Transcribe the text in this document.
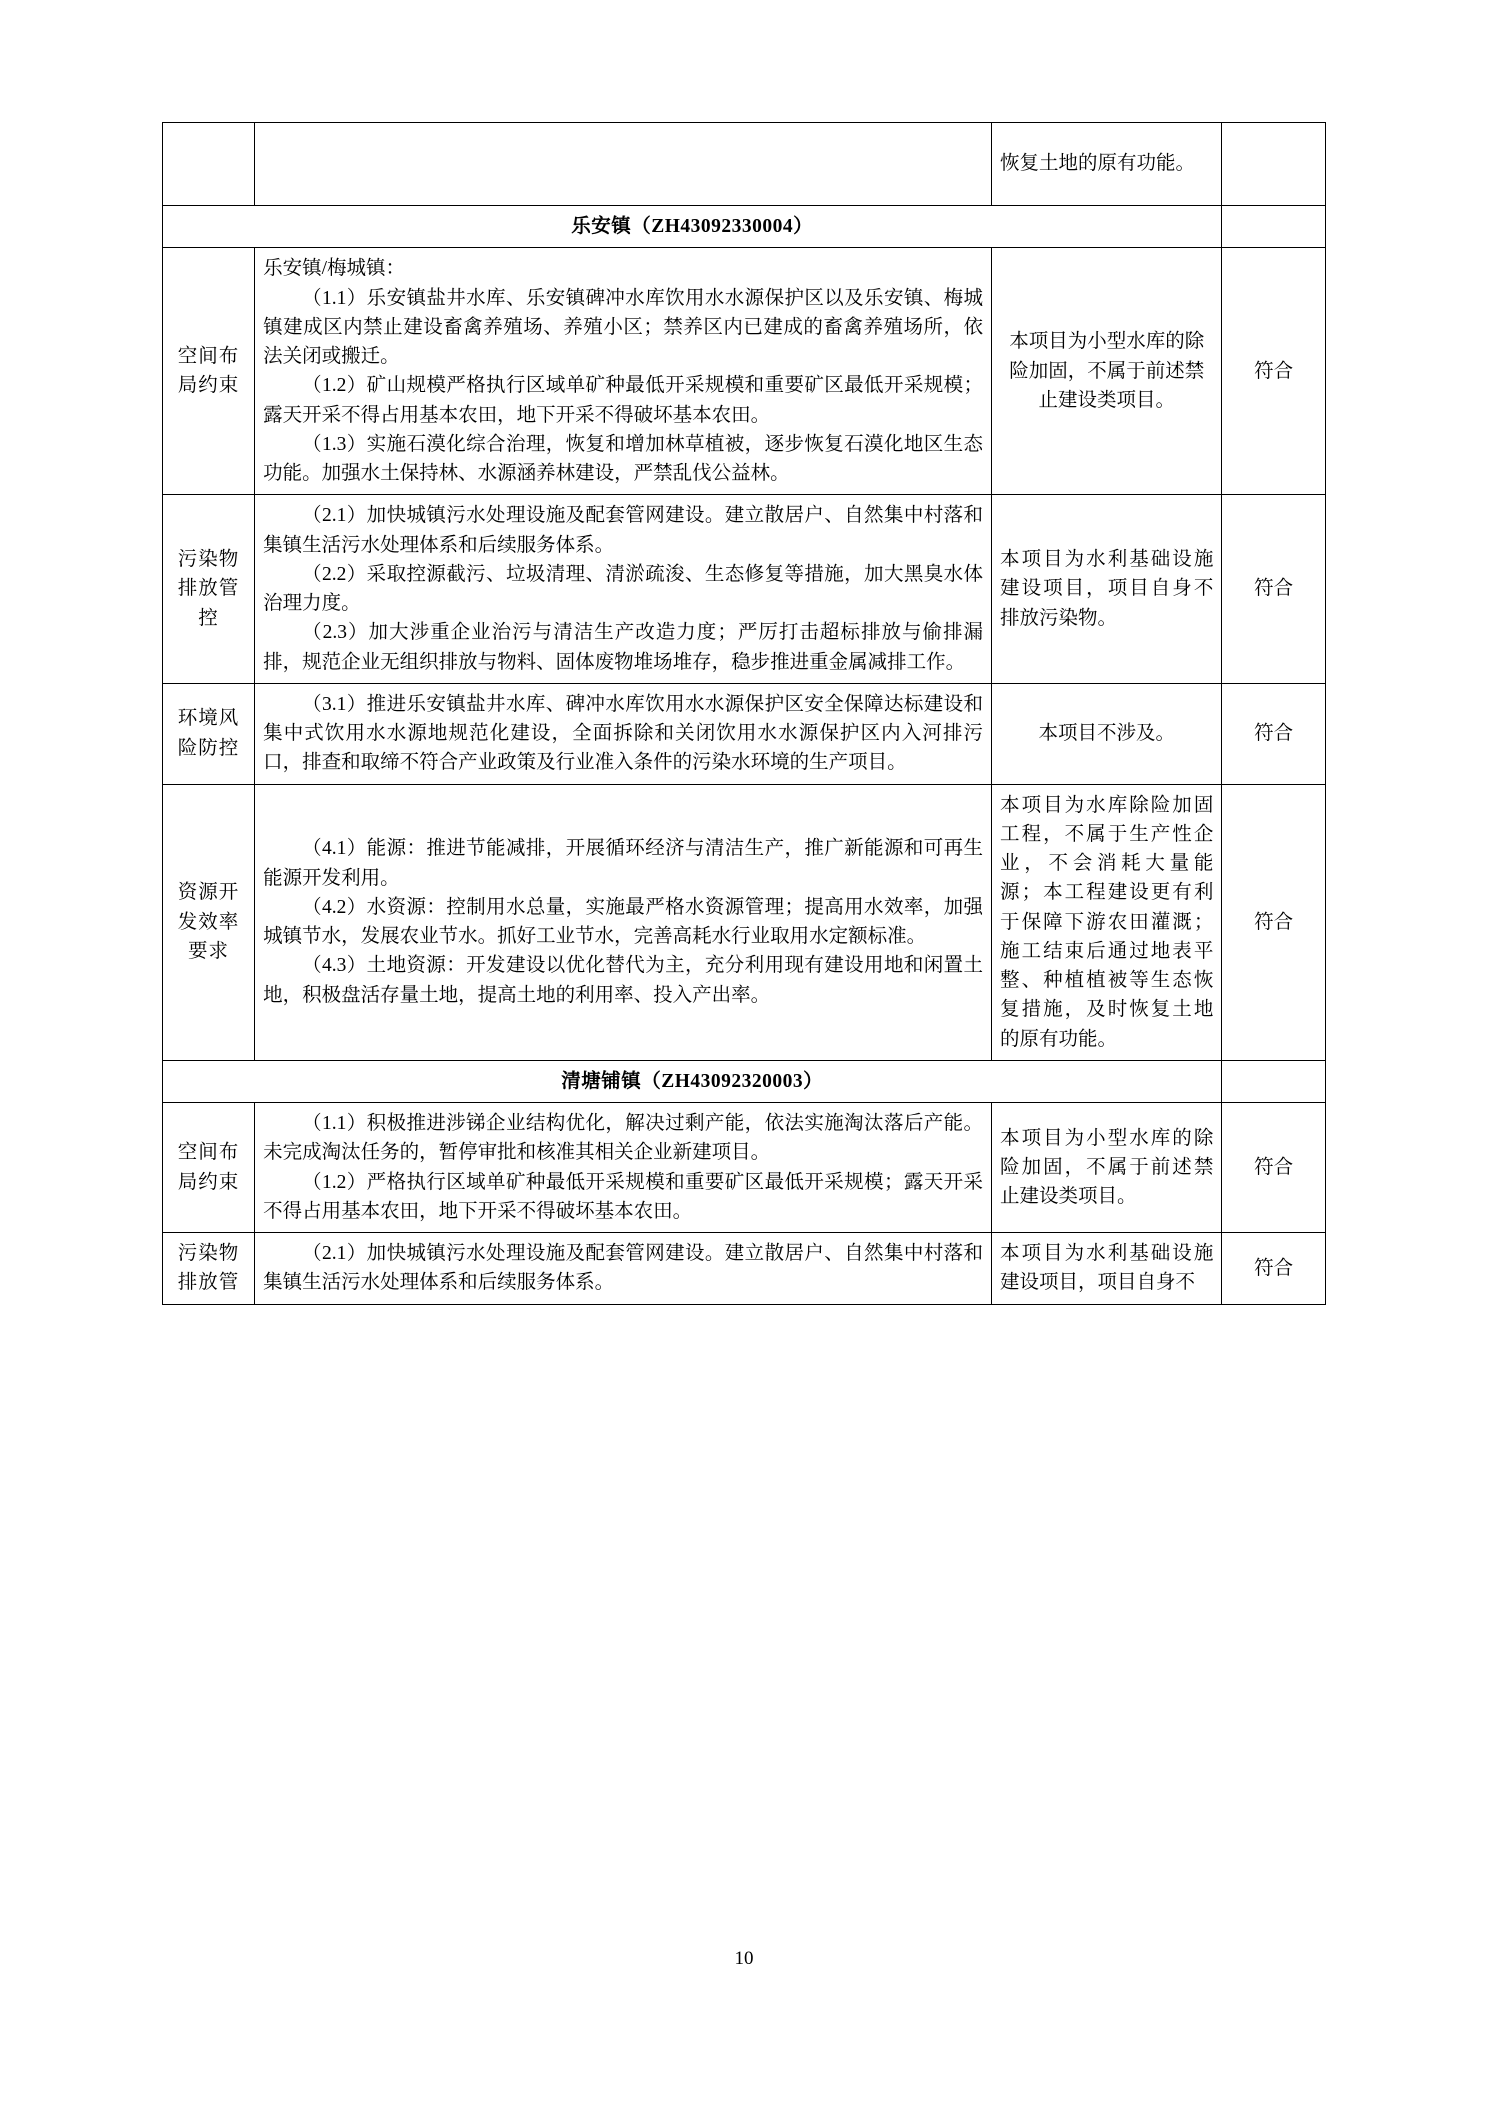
		恢复土地的原有功能。	
乐安镇（ZH43092330004）			

空间布局约束	乐安镇/梅城镇：

（1.1）乐安镇盐井水库、乐安镇碑冲水库饮用水水源保护区以及乐安镇、梅城镇建成区内禁止建设畜禽养殖场、养殖小区；禁养区内已建成的畜禽养殖场所，依法关闭或搬迁。

（1.2）矿山规模严格执行区域单矿种最低开采规模和重要矿区最低开采规模；露天开采不得占用基本农田，地下开采不得破坏基本农田。

（1.3）实施石漠化综合治理，恢复和增加林草植被，逐步恢复石漠化地区生态功能。加强水土保持林、水源涵养林建设，严禁乱伐公益林。	本项目为小型水库的除险加固，不属于前述禁止建设类项目。	符合

污染物排放管控	（2.1）加快城镇污水处理设施及配套管网建设。建立散居户、自然集中村落和集镇生活污水处理体系和后续服务体系。

（2.2）采取控源截污、垃圾清理、清淤疏浚、生态修复等措施，加大黑臭水体治理力度。

（2.3）加大涉重企业治污与清洁生产改造力度；严厉打击超标排放与偷排漏排，规范企业无组织排放与物料、固体废物堆场堆存，稳步推进重金属减排工作。	本项目为水利基础设施建设项目，项目自身不排放污染物。	符合

环境风险防控	（3.1）推进乐安镇盐井水库、碑冲水库饮用水水源保护区安全保障达标建设和集中式饮用水水源地规范化建设，全面拆除和关闭饮用水水源保护区内入河排污口，排查和取缔不符合产业政策及行业准入条件的污染水环境的生产项目。	本项目不涉及。	符合

资源开发效率要求	（4.1）能源：推进节能减排，开展循环经济与清洁生产，推广新能源和可再生能源开发利用。

（4.2）水资源：控制用水总量，实施最严格水资源管理；提高用水效率，加强城镇节水，发展农业节水。抓好工业节水，完善高耗水行业取用水定额标准。

（4.3）土地资源：开发建设以优化替代为主，充分利用现有建设用地和闲置土地，积极盘活存量土地，提高土地的利用率、投入产出率。	本项目为水库除险加固工程，不属于生产性企业，不会消耗大量能源；本工程建设更有利于保障下游农田灌溉；施工结束后通过地表平整、种植植被等生态恢复措施，及时恢复土地的原有功能。	符合
清塘铺镇（ZH43092320003）			

空间布局约束	（1.1）积极推进涉锑企业结构优化，解决过剩产能，依法实施淘汰落后产能。未完成淘汰任务的，暂停审批和核准其相关企业新建项目。

（1.2）严格执行区域单矿种最低开采规模和重要矿区最低开采规模；露天开采不得占用基本农田，地下开采不得破坏基本农田。	本项目为小型水库的除险加固，不属于前述禁止建设类项目。	符合

污染物排放管	（2.1）加快城镇污水处理设施及配套管网建设。建立散居户、自然集中村落和集镇生活污水处理体系和后续服务体系。	本项目为水利基础设施建设项目，项目自身不	符合
10
